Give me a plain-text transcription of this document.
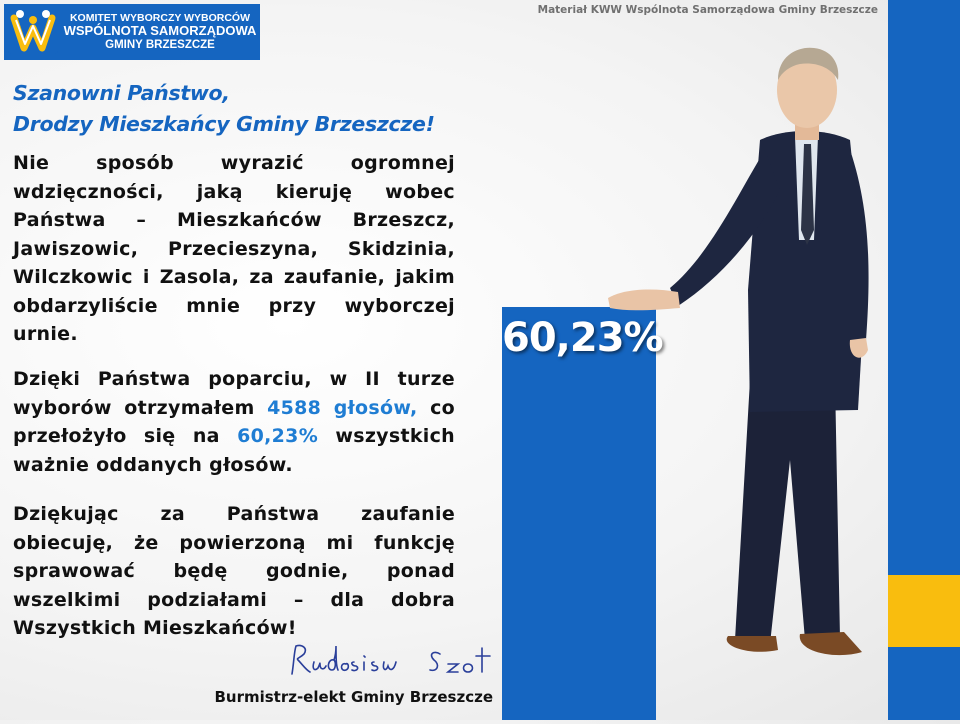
KOMITET WYBORCZY WYBORCÓW
WSPÓLNOTA SAMORZĄDOWA
GMINY BRZESZCZE
Materiał KWW Wspólnota Samorządowa Gminy Brzeszcze
Szanowni Państwo,
Drodzy Mieszkańcy Gminy Brzeszcze!
Nie sposób wyrazić ogromnej wdzięczności, jaką kieruję wobec Państwa – Mieszkańców Brzeszcz, Jawiszowic, Przecieszyna, Skidzinia, Wilczkowic i Zasola, za zaufanie, jakim obdarzyliście mnie przy wyborczej urnie.
Dzięki Państwa poparciu, w II turze wyborów otrzymałem 4588 głosów, co przełożyło się na 60,23% wszystkich ważnie oddanych głosów.
Dziękując za Państwa zaufanie obiecuję, że powierzoną mi funkcję sprawować będę godnie, ponad wszelkimi podziałami – dla dobra Wszystkich Mieszkańców!
Burmistrz-elekt Gminy Brzeszcze
60,23%
